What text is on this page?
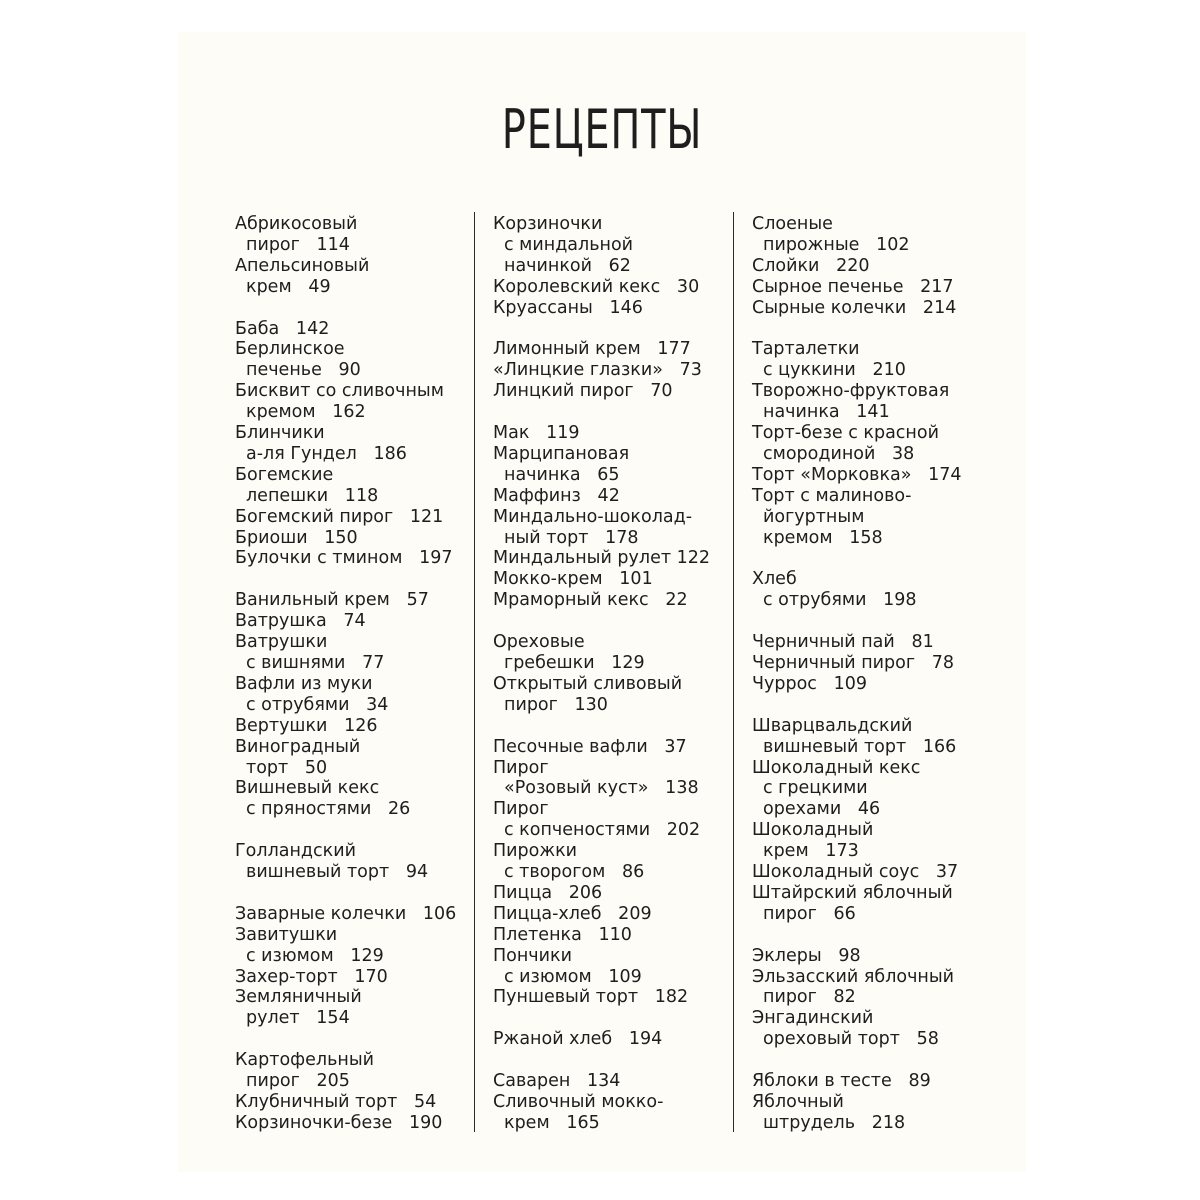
РЕЦЕПТЫ
Абрикосовый
пирог   114
Апельсиновый
крем   49
Баба   142
Берлинское
печенье   90
Бисквит со сливочным
кремом   162
Блинчики
а-ля Гундел   186
Богемские
лепешки   118
Богемский пирог   121
Бриоши   150
Булочки с тмином   197
Ванильный крем   57
Ватрушка   74
Ватрушки
с вишнями   77
Вафли из муки
с отрубями   34
Вертушки   126
Виноградный
торт   50
Вишневый кекс
с пряностями   26
Голландский
вишневый торт   94
Заварные колечки   106
Завитушки
с изюмом   129
Захер-торт   170
Земляничный
рулет   154
Картофельный
пирог   205
Клубничный торт   54
Корзиночки-безе   190
Корзиночки
с миндальной
начинкой   62
Королевский кекс   30
Круассаны   146
Лимонный крем   177
«Линцкие глазки»   73
Линцкий пирог   70
Мак   119
Марципановая
начинка   65
Маффинз   42
Миндально-шоколад-
ный торт   178
Миндальный рулет 122
Мокко-крем   101
Мраморный кекс   22
Ореховые
гребешки   129
Открытый сливовый
пирог   130
Песочные вафли   37
Пирог
«Розовый куст»   138
Пирог
с копченостями   202
Пирожки
с творогом   86
Пицца   206
Пицца-хлеб   209
Плетенка   110
Пончики
с изюмом   109
Пуншевый торт   182
Ржаной хлеб   194
Саварен   134
Сливочный мокко-
крем   165
Слоеные
пирожные   102
Слойки   220
Сырное печенье   217
Сырные колечки   214
Тарталетки
с цуккини   210
Творожно-фруктовая
начинка   141
Торт-безе с красной
смородиной   38
Торт «Морковка»   174
Торт с малиново-
йогуртным
кремом   158
Хлеб
с отрубями   198
Черничный пай   81
Черничный пирог   78
Чуррос   109
Шварцвальдский
вишневый торт   166
Шоколадный кекс
с грецкими
орехами   46
Шоколадный
крем   173
Шоколадный соус   37
Штайрский яблочный
пирог   66
Эклеры   98
Эльзасский яблочный
пирог   82
Энгадинский
ореховый торт   58
Яблоки в тесте   89
Яблочный
штрудель   218
